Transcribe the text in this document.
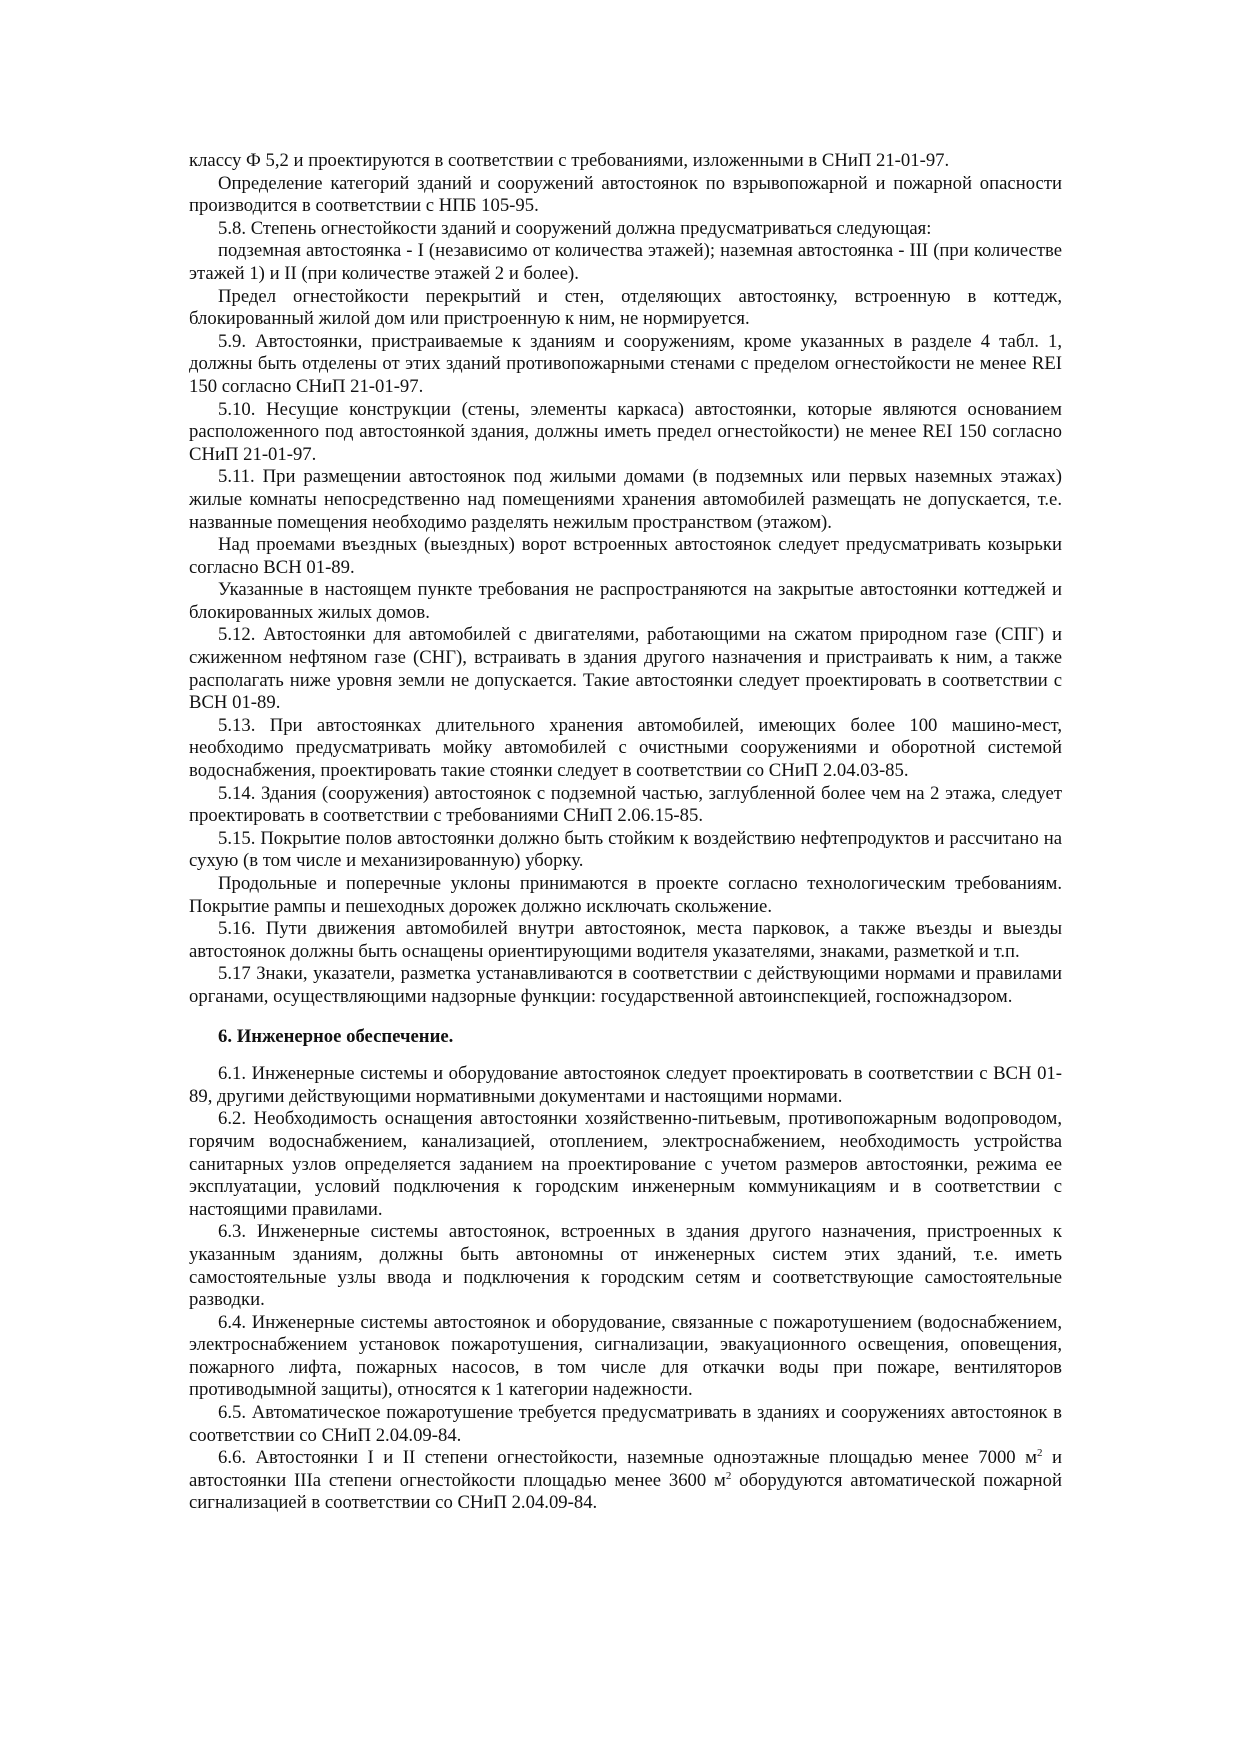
классу Ф 5,2 и проектируются в соответствии с требованиями, изложенными в СНиП 21-01-97.

Определение категорий зданий и сооружений автостоянок по взрывопожарной и пожарной опасности производится в соответствии с НПБ 105-95.

5.8. Степень огнестойкости зданий и сооружений должна предусматриваться следующая:

подземная автостоянка - I (независимо от количества этажей); наземная автостоянка - III (при количестве этажей 1) и II (при количестве этажей 2 и более).

Предел огнестойкости перекрытий и стен, отделяющих автостоянку, встроенную в коттедж, блокированный жилой дом или пристроенную к ним, не нормируется.

5.9. Автостоянки, пристраиваемые к зданиям и сооружениям, кроме указанных в разделе 4 табл. 1, должны быть отделены от этих зданий противопожарными стенами с пределом огнестойкости не менее REI 150 согласно СНиП 21-01-97.

5.10. Несущие конструкции (стены, элементы каркаса) автостоянки, которые являются основанием расположенного под автостоянкой здания, должны иметь предел огнестойкости) не менее REI 150 согласно СНиП 21-01-97.

5.11. При размещении автостоянок под жилыми домами (в подземных или первых наземных этажах) жилые комнаты непосредственно над помещениями хранения автомобилей размещать не допускается, т.е. названные помещения необходимо разделять нежилым пространством (этажом).

Над проемами въездных (выездных) ворот встроенных автостоянок следует предусматривать козырьки согласно ВСН 01-89.

Указанные в настоящем пункте требования не распространяются на закрытые автостоянки коттеджей и блокированных жилых домов.

5.12. Автостоянки для автомобилей с двигателями, работающими на сжатом природном газе (СПГ) и сжиженном нефтяном газе (СНГ), встраивать в здания другого назначения и пристраивать к ним, а также располагать ниже уровня земли не допускается. Такие автостоянки следует проектировать в соответствии с ВСН 01-89.

5.13. При автостоянках длительного хранения автомобилей, имеющих более 100 машино-мест, необходимо предусматривать мойку автомобилей с очистными сооружениями и оборотной системой водоснабжения, проектировать такие стоянки следует в соответствии со СНиП 2.04.03-85.

5.14. Здания (сооружения) автостоянок с подземной частью, заглубленной более чем на 2 этажа, следует проектировать в соответствии с требованиями СНиП 2.06.15-85.

5.15. Покрытие полов автостоянки должно быть стойким к воздействию нефтепродуктов и рассчитано на сухую (в том числе и механизированную) уборку.

Продольные и поперечные уклоны принимаются в проекте согласно технологическим требованиям. Покрытие рампы и пешеходных дорожек должно исключать скольжение.

5.16. Пути движения автомобилей внутри автостоянок, места парковок, а также въезды и выезды автостоянок должны быть оснащены ориентирующими водителя указателями, знаками, разметкой и т.п.

5.17 Знаки, указатели, разметка устанавливаются в соответствии с действующими нормами и правилами органами, осуществляющими надзорные функции: государственной автоинспекцией, госпожнадзором.

6. Инженерное обеспечение.

6.1. Инженерные системы и оборудование автостоянок следует проектировать в соответствии с ВСН 01-89, другими действующими нормативными документами и настоящими нормами.

6.2. Необходимость оснащения автостоянки хозяйственно-питьевым, противопожарным водопроводом, горячим водоснабжением, канализацией, отоплением, электроснабжением, необходимость устройства санитарных узлов определяется заданием на проектирование с учетом размеров автостоянки, режима ее эксплуатации, условий подключения к городским инженерным коммуникациям и в соответствии с настоящими правилами.

6.3. Инженерные системы автостоянок, встроенных в здания другого назначения, пристроенных к указанным зданиям, должны быть автономны от инженерных систем этих зданий, т.е. иметь самостоятельные узлы ввода и подключения к городским сетям и соответствующие самостоятельные разводки.

6.4. Инженерные системы автостоянок и оборудование, связанные с пожаротушением (водоснабжением, электроснабжением установок пожаротушения, сигнализации, эвакуационного освещения, оповещения, пожарного лифта, пожарных насосов, в том числе для откачки воды при пожаре, вентиляторов противодымной защиты), относятся к 1 категории надежности.

6.5. Автоматическое пожаротушение требуется предусматривать в зданиях и сооружениях автостоянок в соответствии со СНиП 2.04.09-84.

6.6. Автостоянки I и II степени огнестойкости, наземные одноэтажные площадью менее 7000 $м^2$ и автостоянки IIIа степени огнестойкости площадью менее 3600 $м^2$ оборудуются автоматической пожарной сигнализацией в соответствии со СНиП 2.04.09-84.
